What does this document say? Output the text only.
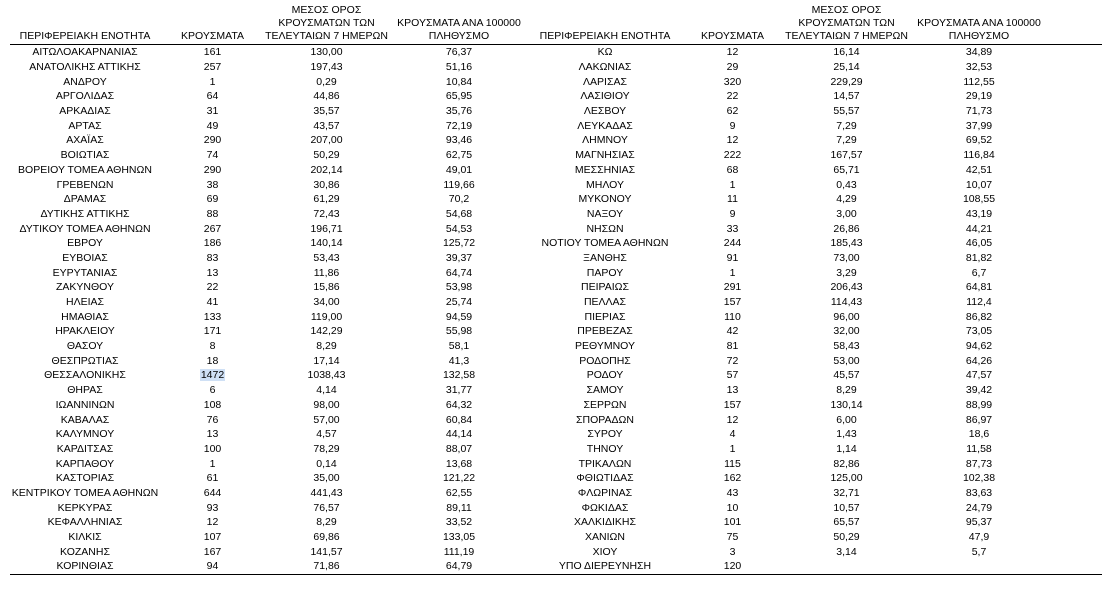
ΠΕΡΙΦΕΡΕΙΑΚΗ ΕΝΟΤΗΤΑ	ΚΡΟΥΣΜΑΤΑ	ΜΕΣΟΣ ΟΡΟΣ ΚΡΟΥΣΜΑΤΩΝ ΤΩΝ ΤΕΛΕΥΤΑΙΩΝ 7 ΗΜΕΡΩΝ	ΚΡΟΥΣΜΑΤΑ ΑΝΑ 100000 ΠΛΗΘΥΣΜΟ	ΠΕΡΙΦΕΡΕΙΑΚΗ ΕΝΟΤΗΤΑ	ΚΡΟΥΣΜΑΤΑ	ΜΕΣΟΣ ΟΡΟΣ ΚΡΟΥΣΜΑΤΩΝ ΤΩΝ ΤΕΛΕΥΤΑΙΩΝ 7 ΗΜΕΡΩΝ	ΚΡΟΥΣΜΑΤΑ ΑΝΑ 100000 ΠΛΗΘΥΣΜΟ	
ΑΙΤΩΛΟΑΚΑΡΝΑΝΙΑΣ	161	130,00	76,37	ΚΩ	12	16,14	34,89	
ΑΝΑΤΟΛΙΚΗΣ ΑΤΤΙΚΗΣ	257	197,43	51,16	ΛΑΚΩΝΙΑΣ	29	25,14	32,53	
ΑΝΔΡΟΥ	1	0,29	10,84	ΛΑΡΙΣΑΣ	320	229,29	112,55	
ΑΡΓΟΛΙΔΑΣ	64	44,86	65,95	ΛΑΣΙΘΙΟΥ	22	14,57	29,19	
ΑΡΚΑΔΙΑΣ	31	35,57	35,76	ΛΕΣΒΟΥ	62	55,57	71,73	
ΑΡΤΑΣ	49	43,57	72,19	ΛΕΥΚΑΔΑΣ	9	7,29	37,99	
ΑΧΑΪΑΣ	290	207,00	93,46	ΛΗΜΝΟΥ	12	7,29	69,52	
ΒΟΙΩΤΙΑΣ	74	50,29	62,75	ΜΑΓΝΗΣΙΑΣ	222	167,57	116,84	
ΒΟΡΕΙΟΥ ΤΟΜΕΑ ΑΘΗΝΩΝ	290	202,14	49,01	ΜΕΣΣΗΝΙΑΣ	68	65,71	42,51	
ΓΡΕΒΕΝΩΝ	38	30,86	119,66	ΜΗΛΟΥ	1	0,43	10,07	
ΔΡΑΜΑΣ	69	61,29	70,2	ΜΥΚΟΝΟΥ	11	4,29	108,55	
ΔΥΤΙΚΗΣ ΑΤΤΙΚΗΣ	88	72,43	54,68	ΝΑΞΟΥ	9	3,00	43,19	
ΔΥΤΙΚΟΥ ΤΟΜΕΑ ΑΘΗΝΩΝ	267	196,71	54,53	ΝΗΣΩΝ	33	26,86	44,21	
ΕΒΡΟΥ	186	140,14	125,72	ΝΟΤΙΟΥ ΤΟΜΕΑ ΑΘΗΝΩΝ	244	185,43	46,05	
ΕΥΒΟΙΑΣ	83	53,43	39,37	ΞΑΝΘΗΣ	91	73,00	81,82	
ΕΥΡΥΤΑΝΙΑΣ	13	11,86	64,74	ΠΑΡΟΥ	1	3,29	6,7	
ΖΑΚΥΝΘΟΥ	22	15,86	53,98	ΠΕΙΡΑΙΩΣ	291	206,43	64,81	
ΗΛΕΙΑΣ	41	34,00	25,74	ΠΕΛΛΑΣ	157	114,43	112,4	
ΗΜΑΘΙΑΣ	133	119,00	94,59	ΠΙΕΡΙΑΣ	110	96,00	86,82	
ΗΡΑΚΛΕΙΟΥ	171	142,29	55,98	ΠΡΕΒΕΖΑΣ	42	32,00	73,05	
ΘΑΣΟΥ	8	8,29	58,1	ΡΕΘΥΜΝΟΥ	81	58,43	94,62	
ΘΕΣΠΡΩΤΙΑΣ	18	17,14	41,3	ΡΟΔΟΠΗΣ	72	53,00	64,26	
ΘΕΣΣΑΛΟΝΙΚΗΣ	1472	1038,43	132,58	ΡΟΔΟΥ	57	45,57	47,57	
ΘΗΡΑΣ	6	4,14	31,77	ΣΑΜΟΥ	13	8,29	39,42	
ΙΩΑΝΝΙΝΩΝ	108	98,00	64,32	ΣΕΡΡΩΝ	157	130,14	88,99	
ΚΑΒΑΛΑΣ	76	57,00	60,84	ΣΠΟΡΑΔΩΝ	12	6,00	86,97	
ΚΑΛΥΜΝΟΥ	13	4,57	44,14	ΣΥΡΟΥ	4	1,43	18,6	
ΚΑΡΔΙΤΣΑΣ	100	78,29	88,07	ΤΗΝΟΥ	1	1,14	11,58	
ΚΑΡΠΑΘΟΥ	1	0,14	13,68	ΤΡΙΚΑΛΩΝ	115	82,86	87,73	
ΚΑΣΤΟΡΙΑΣ	61	35,00	121,22	ΦΘΙΩΤΙΔΑΣ	162	125,00	102,38	
ΚΕΝΤΡΙΚΟΥ ΤΟΜΕΑ ΑΘΗΝΩΝ	644	441,43	62,55	ΦΛΩΡΙΝΑΣ	43	32,71	83,63	
ΚΕΡΚΥΡΑΣ	93	76,57	89,11	ΦΩΚΙΔΑΣ	10	10,57	24,79	
ΚΕΦΑΛΛΗΝΙΑΣ	12	8,29	33,52	ΧΑΛΚΙΔΙΚΗΣ	101	65,57	95,37	
ΚΙΛΚΙΣ	107	69,86	133,05	ΧΑΝΙΩΝ	75	50,29	47,9	
ΚΟΖΑΝΗΣ	167	141,57	111,19	ΧΙΟΥ	3	3,14	5,7	
ΚΟΡΙΝΘΙΑΣ	94	71,86	64,79	ΥΠΟ ΔΙΕΡΕΥΝΗΣΗ	120			
